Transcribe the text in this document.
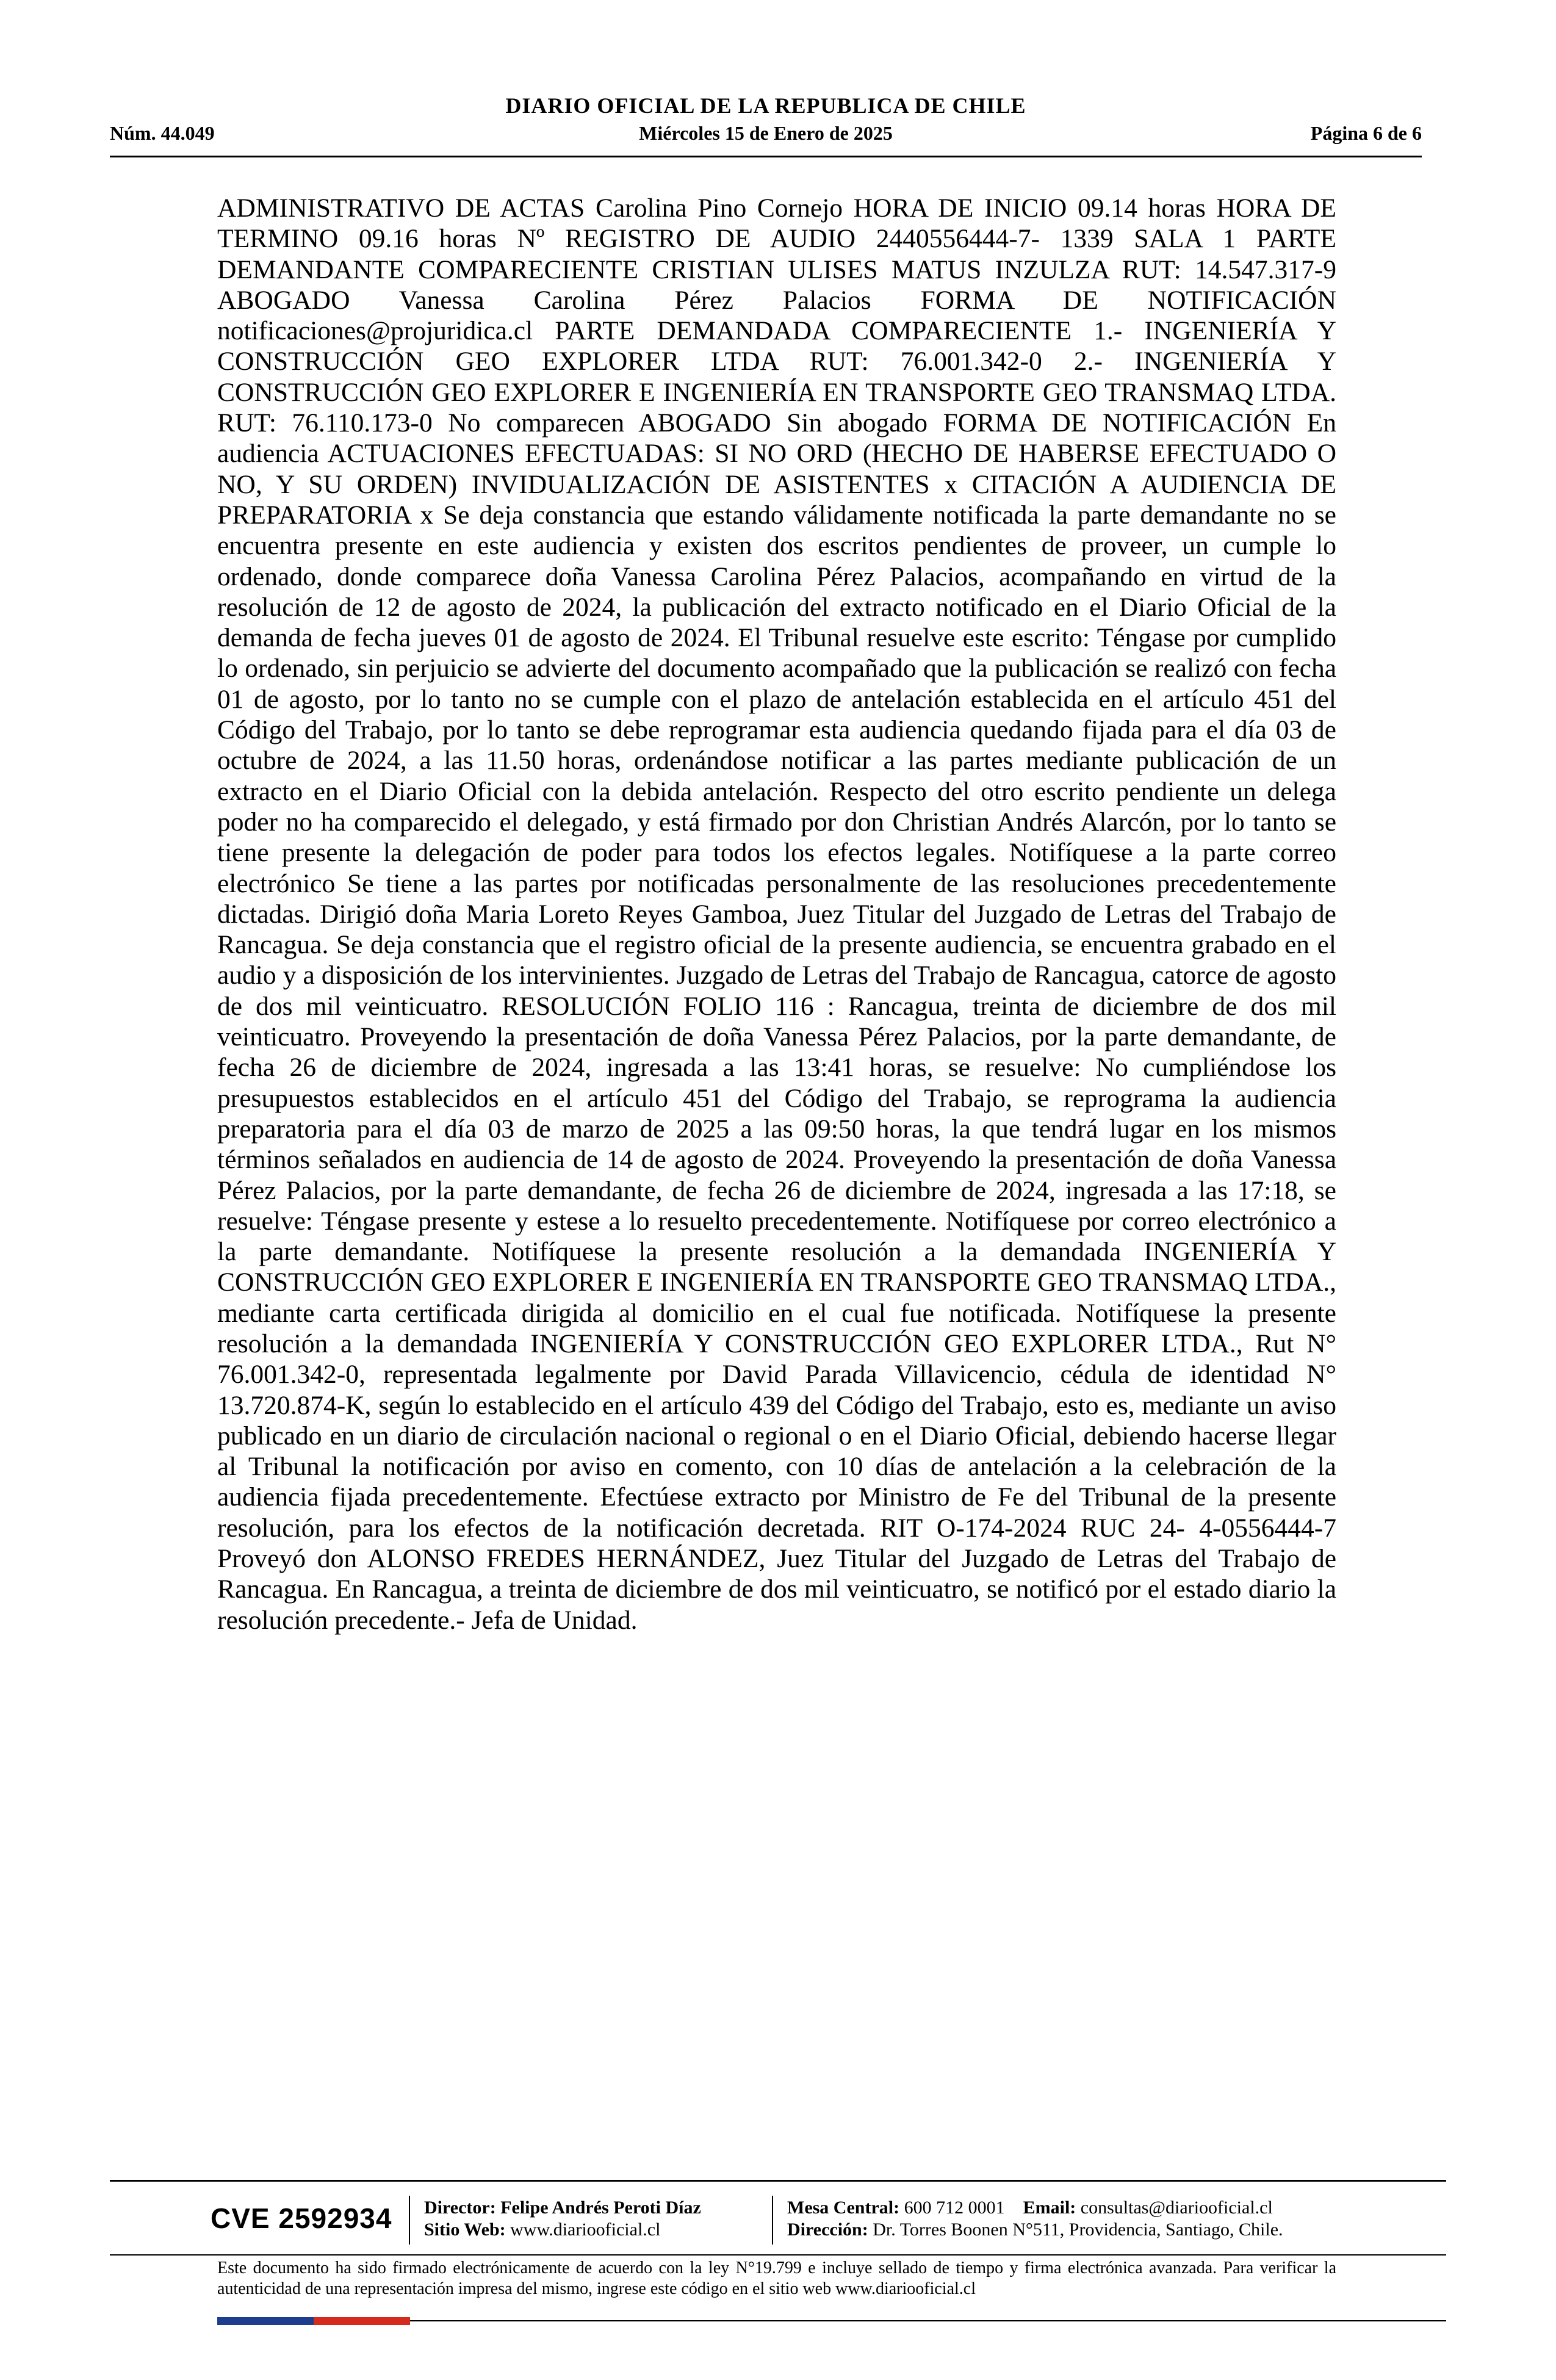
DIARIO OFICIAL DE LA REPUBLICA DE CHILE
Núm. 44.049	Miércoles 15 de Enero de 2025	Página 6 de 6
ADMINISTRATIVO DE ACTAS Carolina Pino Cornejo HORA DE INICIO 09.14 horas HORA DE TERMINO 09.16 horas Nº REGISTRO DE AUDIO 2440556444-7- 1339 SALA 1 PARTE DEMANDANTE COMPARECIENTE CRISTIAN ULISES MATUS INZULZA RUT: 14.547.317-9 ABOGADO Vanessa Carolina Pérez Palacios FORMA DE NOTIFICACIÓN notificaciones@projuridica.cl PARTE DEMANDADA COMPARECIENTE 1.- INGENIERÍA Y CONSTRUCCIÓN GEO EXPLORER LTDA RUT: 76.001.342-0 2.- INGENIERÍA Y CONSTRUCCIÓN GEO EXPLORER E INGENIERÍA EN TRANSPORTE GEO TRANSMAQ LTDA. RUT: 76.110.173-0 No comparecen ABOGADO Sin abogado FORMA DE NOTIFICACIÓN En audiencia ACTUACIONES EFECTUADAS: SI NO ORD (HECHO DE HABERSE EFECTUADO O NO, Y SU ORDEN) INVIDUALIZACIÓN DE ASISTENTES x CITACIÓN A AUDIENCIA DE PREPARATORIA x Se deja constancia que estando válidamente notificada la parte demandante no se encuentra presente en este audiencia y existen dos escritos pendientes de proveer, un cumple lo ordenado, donde comparece doña Vanessa Carolina Pérez Palacios, acompañando en virtud de la resolución de 12 de agosto de 2024, la publicación del extracto notificado en el Diario Oficial de la demanda de fecha jueves 01 de agosto de 2024. El Tribunal resuelve este escrito: Téngase por cumplido lo ordenado, sin perjuicio se advierte del documento acompañado que la publicación se realizó con fecha 01 de agosto, por lo tanto no se cumple con el plazo de antelación establecida en el artículo 451 del Código del Trabajo, por lo tanto se debe reprogramar esta audiencia quedando fijada para el día 03 de octubre de 2024, a las 11.50 horas, ordenándose notificar a las partes mediante publicación de un extracto en el Diario Oficial con la debida antelación. Respecto del otro escrito pendiente un delega poder no ha comparecido el delegado, y está firmado por don Christian Andrés Alarcón, por lo tanto se tiene presente la delegación de poder para todos los efectos legales. Notifíquese a la parte correo electrónico Se tiene a las partes por notificadas personalmente de las resoluciones precedentemente dictadas. Dirigió doña Maria Loreto Reyes Gamboa, Juez Titular del Juzgado de Letras del Trabajo de Rancagua. Se deja constancia que el registro oficial de la presente audiencia, se encuentra grabado en el audio y a disposición de los intervinientes. Juzgado de Letras del Trabajo de Rancagua, catorce de agosto de dos mil veinticuatro. RESOLUCIÓN FOLIO 116 : Rancagua, treinta de diciembre de dos mil veinticuatro. Proveyendo la presentación de doña Vanessa Pérez Palacios, por la parte demandante, de fecha 26 de diciembre de 2024, ingresada a las 13:41 horas, se resuelve: No cumpliéndose los presupuestos establecidos en el artículo 451 del Código del Trabajo, se reprograma la audiencia preparatoria para el día 03 de marzo de 2025 a las 09:50 horas, la que tendrá lugar en los mismos términos señalados en audiencia de 14 de agosto de 2024. Proveyendo la presentación de doña Vanessa Pérez Palacios, por la parte demandante, de fecha 26 de diciembre de 2024, ingresada a las 17:18, se resuelve: Téngase presente y estese a lo resuelto precedentemente. Notifíquese por correo electrónico a la parte demandante. Notifíquese la presente resolución a la demandada INGENIERÍA Y CONSTRUCCIÓN GEO EXPLORER E INGENIERÍA EN TRANSPORTE GEO TRANSMAQ LTDA., mediante carta certificada dirigida al domicilio en el cual fue notificada. Notifíquese la presente resolución a la demandada INGENIERÍA Y CONSTRUCCIÓN GEO EXPLORER LTDA., Rut N° 76.001.342-0, representada legalmente por David Parada Villavicencio, cédula de identidad N° 13.720.874-K, según lo establecido en el artículo 439 del Código del Trabajo, esto es, mediante un aviso publicado en un diario de circulación nacional o regional o en el Diario Oficial, debiendo hacerse llegar al Tribunal la notificación por aviso en comento, con 10 días de antelación a la celebración de la audiencia fijada precedentemente. Efectúese extracto por Ministro de Fe del Tribunal de la presente resolución, para los efectos de la notificación decretada. RIT O-174-2024 RUC 24- 4-0556444-7 Proveyó don ALONSO FREDES HERNÁNDEZ, Juez Titular del Juzgado de Letras del Trabajo de Rancagua. En Rancagua, a treinta de diciembre de dos mil veinticuatro, se notificó por el estado diario la resolución precedente.- Jefa de Unidad.
CVE 2592934 Director: Felipe Andrés Peroti Díaz
Sitio Web: www.diariooficial.cl
Mesa Central: 600 712 0001 Email: consultas@diariooficial.cl
Dirección: Dr. Torres Boonen N°511, Providencia, Santiago, Chile.
Este documento ha sido firmado electrónicamente de acuerdo con la ley N°19.799 e incluye sellado de tiempo y firma electrónica avanzada. Para verificar la autenticidad de una representación impresa del mismo, ingrese este código en el sitio web www.diariooficial.cl
